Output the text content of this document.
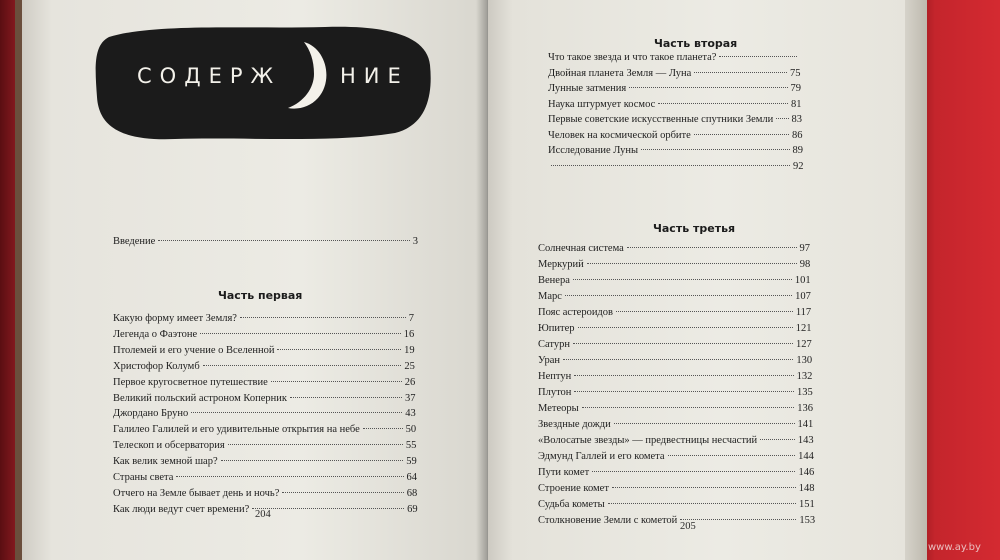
СОДЕРЖ	НИЕ
Введение	3
Часть первая
Какую форму имеет Земля?	7
Легенда о Фаэтоне	16
Птолемей и его учение о Вселенной	19
Христофор Колумб	25
Первое кругосветное путешествие	26
Великий польский астроном Коперник	37
Джордано Бруно	43
Галилео Галилей и его удивительные открытия на небе	50
Телескоп и обсерватория	55
Как велик земной шар?	59
Страны света	64
Отчего на Земле бывает день и ночь?	68
Как люди ведут счет времени?	69
204
Часть вторая
Что такое звезда и что такое планета?
Двойная планета Земля — Луна	75
Лунные затмения	79
Наука штурмует космос	81
Первые советские искусственные спутники Земли 83
Человек на космической орбите	86
Исследование Луны	89
92
Часть третья
Солнечная система	97
Меркурий	98
Венера	101
Марс	107
Пояс астероидов	117
Юпитер	121
Сатурн	127
Уран	130
Нептун	132
Плутон	135
Метеоры	136
Звездные дожди	141
«Волосатые звезды» — предвестницы несчастий	143
Эдмунд Галлей и его комета	144
Пути комет	146
Строение комет	148
Судьба кометы	151
Столкновение Земли с кометой	153
205
www.ay.by
